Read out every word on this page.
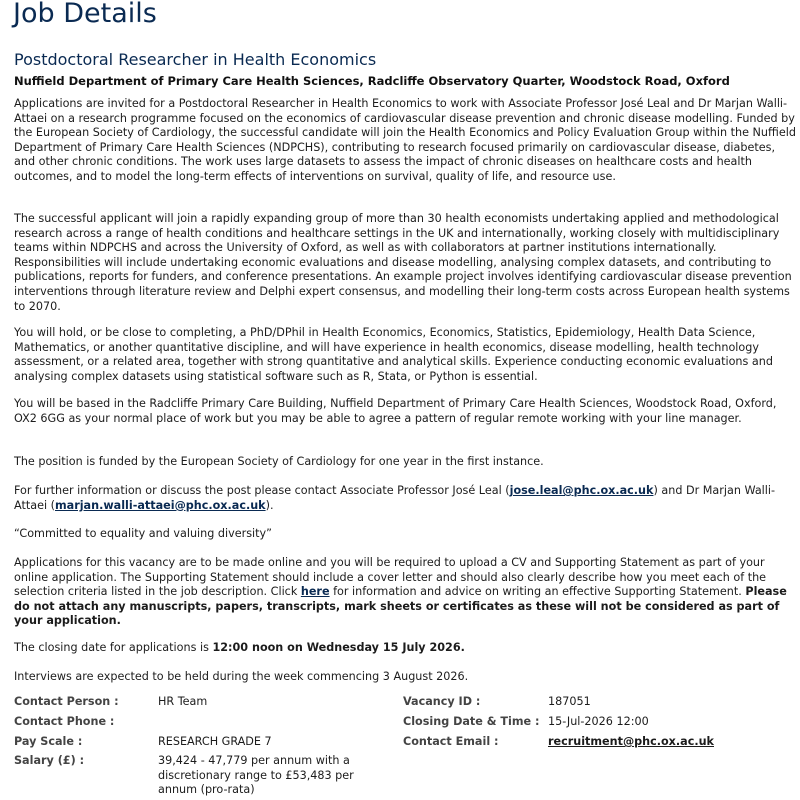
Job Details
Postdoctoral Researcher in Health Economics
Nuffield Department of Primary Care Health Sciences, Radcliffe Observatory Quarter, Woodstock Road, Oxford
Applications are invited for a Postdoctoral Researcher in Health Economics to work with Associate Professor José Leal and Dr Marjan Walli-Attaei on a research programme focused on the economics of cardiovascular disease prevention and chronic disease modelling. Funded by the European Society of Cardiology, the successful candidate will join the Health Economics and Policy Evaluation Group within the Nuffield Department of Primary Care Health Sciences (NDPCHS), contributing to research focused primarily on cardiovascular disease, diabetes, and other chronic conditions. The work uses large datasets to assess the impact of chronic diseases on healthcare costs and health outcomes, and to model the long-term effects of interventions on survival, quality of life, and resource use.
The successful applicant will join a rapidly expanding group of more than 30 health economists undertaking applied and methodological research across a range of health conditions and healthcare settings in the UK and internationally, working closely with multidisciplinary teams within NDPCHS and across the University of Oxford, as well as with collaborators at partner institutions internationally. Responsibilities will include undertaking economic evaluations and disease modelling, analysing complex datasets, and contributing to publications, reports for funders, and conference presentations. An example project involves identifying cardiovascular disease prevention interventions through literature review and Delphi expert consensus, and modelling their long-term costs across European health systems to 2070.
You will hold, or be close to completing, a PhD/DPhil in Health Economics, Economics, Statistics, Epidemiology, Health Data Science, Mathematics, or another quantitative discipline, and will have experience in health economics, disease modelling, health technology assessment, or a related area, together with strong quantitative and analytical skills. Experience conducting economic evaluations and analysing complex datasets using statistical software such as R, Stata, or Python is essential.
You will be based in the Radcliffe Primary Care Building, Nuffield Department of Primary Care Health Sciences, Woodstock Road, Oxford, OX2 6GG as your normal place of work but you may be able to agree a pattern of regular remote working with your line manager.
The position is funded by the European Society of Cardiology for one year in the first instance.
For further information or discuss the post please contact Associate Professor José Leal (jose.leal@phc.ox.ac.uk) and Dr Marjan Walli-Attaei (marjan.walli-attaei@phc.ox.ac.uk).
“Committed to equality and valuing diversity”
Applications for this vacancy are to be made online and you will be required to upload a CV and Supporting Statement as part of your online application. The Supporting Statement should include a cover letter and should also clearly describe how you meet each of the selection criteria listed in the job description. Click here for information and advice on writing an effective Supporting Statement. Please do not attach any manuscripts, papers, transcripts, mark sheets or certificates as these will not be considered as part of your application.
The closing date for applications is 12:00 noon on Wednesday 15 July 2026.
Interviews are expected to be held during the week commencing 3 August 2026.
Contact Person :	HR Team
Contact Phone :
Pay Scale :	RESEARCH GRADE 7
Salary (£) :	39,424 - 47,779 per annum with a
discretionary range to £53,483 per
annum (pro-rata)
Vacancy ID :	187051
Closing Date & Time : 15-Jul-2026 12:00
Contact Email :	recruitment@phc.ox.ac.uk
